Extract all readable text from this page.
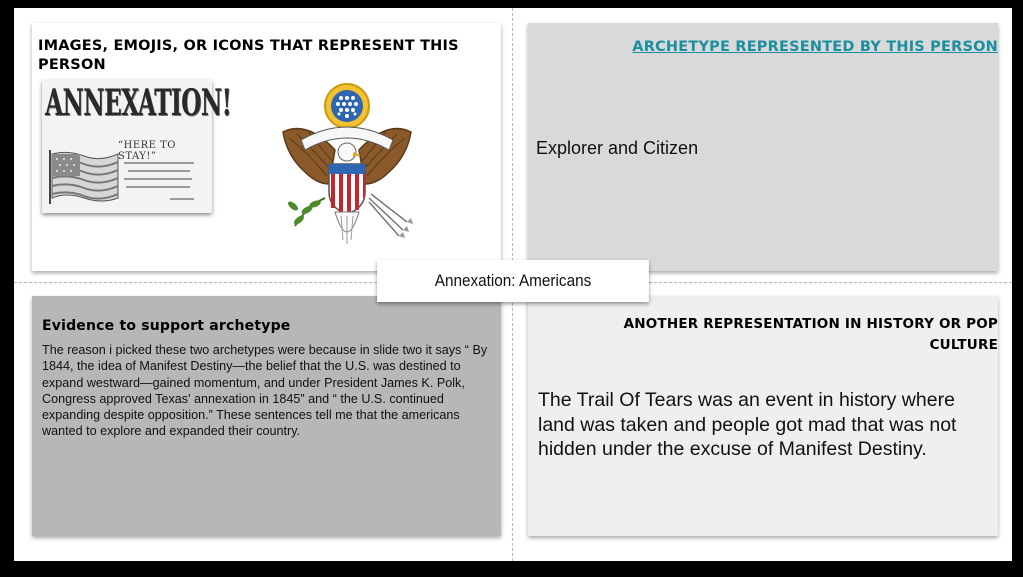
IMAGES, EMOJIS, OR ICONS THAT REPRESENT THIS PERSON
ANNEXATION!
“HERE TO STAY!”
ARCHETYPE REPRESENTED BY THIS PERSON
Explorer and Citizen
Evidence to support archetype
The reason i picked these two archetypes were because in slide two it says “ By 1844, the idea of Manifest Destiny—the belief that the U.S. was destined to expand westward—gained momentum, and under President James K. Polk, Congress approved Texas' annexation in 1845” and “ the U.S. continued expanding despite opposition.” These sentences tell me that the americans wanted to explore and expanded their country.
ANOTHER REPRESENTATION IN HISTORY OR POP CULTURE
The Trail Of Tears was an event in history where land was taken and people got mad that was not hidden under the excuse of Manifest Destiny.
Annexation: Americans
